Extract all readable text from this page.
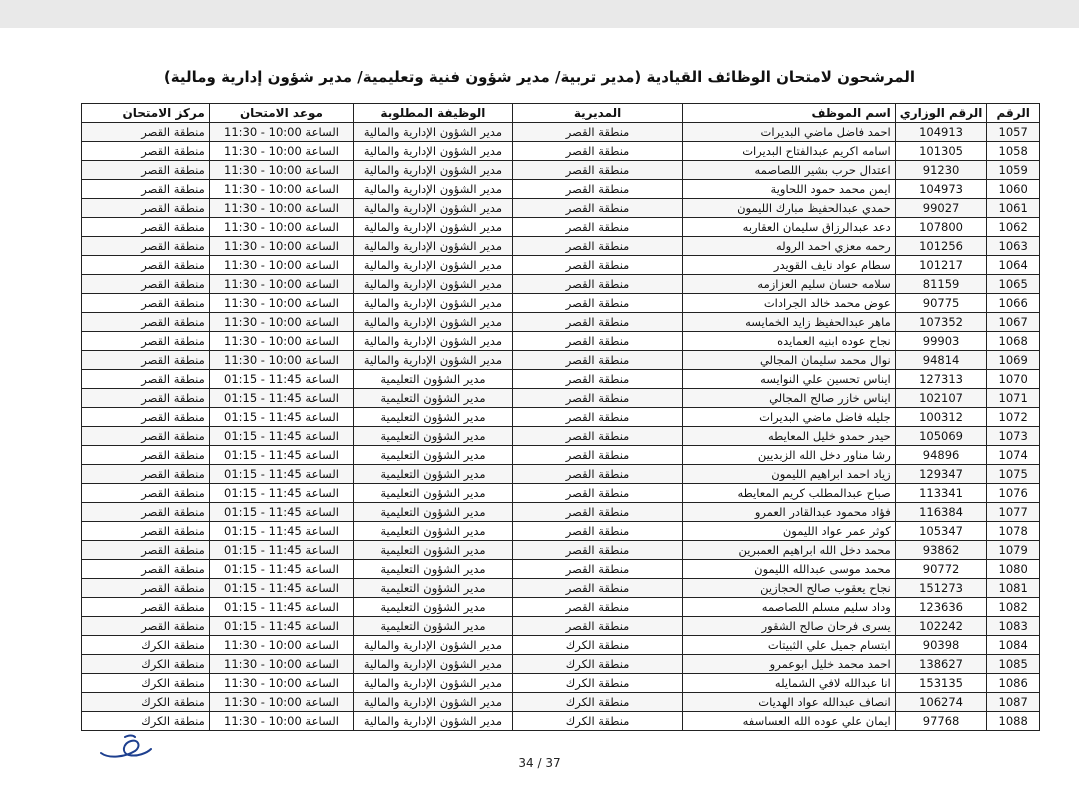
المرشحون لامتحان الوظائف القيادية (مدير تربية/ مدير شؤون فنية وتعليمية/ مدير شؤون إدارية ومالية)
الرقم	الرقم الوزاري	اسم الموظف	المديرية	الوظيفة المطلوبة	موعد الامتحان	مركز الامتحان
1057	104913	احمد فاضل ماضي البديرات	منطقة القصر	مدير الشؤون الإدارية والمالية	الساعة 10:00 - 11:30	منطقة القصر
1058	101305	اسامه اكريم عبدالفتاح البديرات	منطقة القصر	مدير الشؤون الإدارية والمالية	الساعة 10:00 - 11:30	منطقة القصر
1059	91230	اعتدال حرب بشير اللصاصمه	منطقة القصر	مدير الشؤون الإدارية والمالية	الساعة 10:00 - 11:30	منطقة القصر
1060	104973	ايمن محمد حمود اللحاوية	منطقة القصر	مدير الشؤون الإدارية والمالية	الساعة 10:00 - 11:30	منطقة القصر
1061	99027	حمدي عبدالحفيظ مبارك الليمون	منطقة القصر	مدير الشؤون الإدارية والمالية	الساعة 10:00 - 11:30	منطقة القصر
1062	107800	دعد عبدالرزاق سليمان العقاربه	منطقة القصر	مدير الشؤون الإدارية والمالية	الساعة 10:00 - 11:30	منطقة القصر
1063	101256	رحمه معزي احمد الروله	منطقة القصر	مدير الشؤون الإدارية والمالية	الساعة 10:00 - 11:30	منطقة القصر
1064	101217	سطام عواد نايف القويدر	منطقة القصر	مدير الشؤون الإدارية والمالية	الساعة 10:00 - 11:30	منطقة القصر
1065	81159	سلامه حسان سليم العزازمه	منطقة القصر	مدير الشؤون الإدارية والمالية	الساعة 10:00 - 11:30	منطقة القصر
1066	90775	عوض محمد خالد الجرادات	منطقة القصر	مدير الشؤون الإدارية والمالية	الساعة 10:00 - 11:30	منطقة القصر
1067	107352	ماهر عبدالحفيظ زايد الخمايسه	منطقة القصر	مدير الشؤون الإدارية والمالية	الساعة 10:00 - 11:30	منطقة القصر
1068	99903	نجاح عوده ابنيه العمايده	منطقة القصر	مدير الشؤون الإدارية والمالية	الساعة 10:00 - 11:30	منطقة القصر
1069	94814	نوال محمد سليمان المجالي	منطقة القصر	مدير الشؤون الإدارية والمالية	الساعة 10:00 - 11:30	منطقة القصر
1070	127313	ايناس تحسين علي النوايسه	منطقة القصر	مدير الشؤون التعليمية	الساعة 11:45 - 01:15	منطقة القصر
1071	102107	ايناس خازر صالح المجالي	منطقة القصر	مدير الشؤون التعليمية	الساعة 11:45 - 01:15	منطقة القصر
1072	100312	جليله فاضل ماضي البديرات	منطقة القصر	مدير الشؤون التعليمية	الساعة 11:45 - 01:15	منطقة القصر
1073	105069	حيدر حمدو خليل المعايطه	منطقة القصر	مدير الشؤون التعليمية	الساعة 11:45 - 01:15	منطقة القصر
1074	94896	رشا مناور دخل الله الزبديين	منطقة القصر	مدير الشؤون التعليمية	الساعة 11:45 - 01:15	منطقة القصر
1075	129347	زياد احمد ابراهيم الليمون	منطقة القصر	مدير الشؤون التعليمية	الساعة 11:45 - 01:15	منطقة القصر
1076	113341	صباح عبدالمطلب كريم المعايطه	منطقة القصر	مدير الشؤون التعليمية	الساعة 11:45 - 01:15	منطقة القصر
1077	116384	فؤاد محمود عبدالقادر العمرو	منطقة القصر	مدير الشؤون التعليمية	الساعة 11:45 - 01:15	منطقة القصر
1078	105347	كوثر عمر عواد الليمون	منطقة القصر	مدير الشؤون التعليمية	الساعة 11:45 - 01:15	منطقة القصر
1079	93862	محمد دخل الله ابراهيم العمبرين	منطقة القصر	مدير الشؤون التعليمية	الساعة 11:45 - 01:15	منطقة القصر
1080	90772	محمد موسى عبدالله الليمون	منطقة القصر	مدير الشؤون التعليمية	الساعة 11:45 - 01:15	منطقة القصر
1081	151273	نجاح يعقوب صالح الحجازين	منطقة القصر	مدير الشؤون التعليمية	الساعة 11:45 - 01:15	منطقة القصر
1082	123636	وداد سليم مسلم اللصاصمه	منطقة القصر	مدير الشؤون التعليمية	الساعة 11:45 - 01:15	منطقة القصر
1083	102242	يسرى فرحان صالح الشقور	منطقة القصر	مدير الشؤون التعليمية	الساعة 11:45 - 01:15	منطقة القصر
1084	90398	ابتسام جميل علي الثبيتات	منطقة الكرك	مدير الشؤون الإدارية والمالية	الساعة 10:00 - 11:30	منطقة الكرك
1085	138627	احمد محمد خليل ابوعمرو	منطقة الكرك	مدير الشؤون الإدارية والمالية	الساعة 10:00 - 11:30	منطقة الكرك
1086	153135	انا عبدالله لافي الشمايله	منطقة الكرك	مدير الشؤون الإدارية والمالية	الساعة 10:00 - 11:30	منطقة الكرك
1087	106274	انصاف عبدالله عواد الهديات	منطقة الكرك	مدير الشؤون الإدارية والمالية	الساعة 10:00 - 11:30	منطقة الكرك
1088	97768	ايمان علي عوده الله العساسفه	منطقة الكرك	مدير الشؤون الإدارية والمالية	الساعة 10:00 - 11:30	منطقة الكرك
34 / 37
